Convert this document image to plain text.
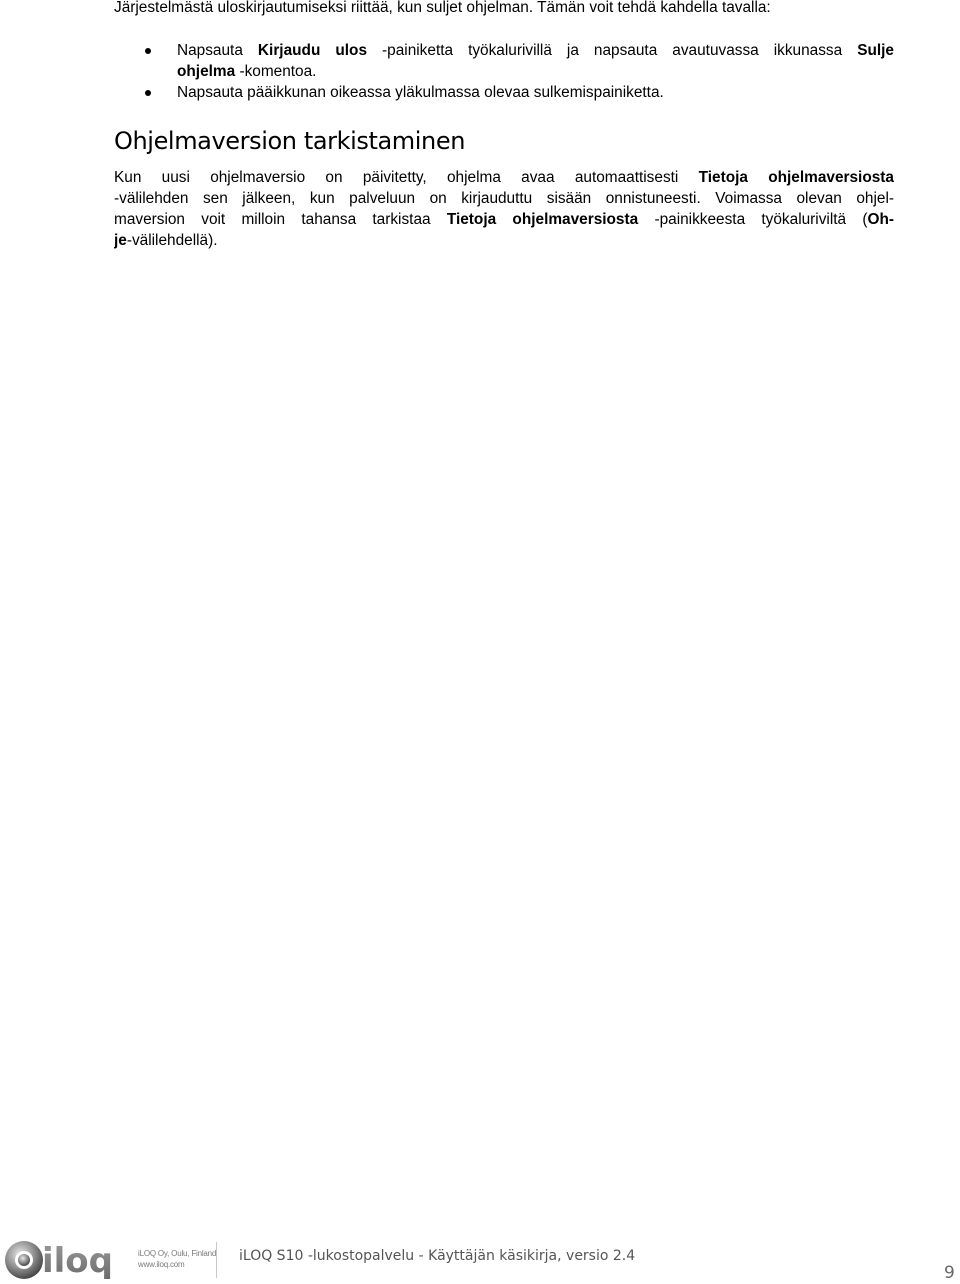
Järjestelmästä uloskirjautumiseksi riittää, kun suljet ohjelman. Tämän voit tehdä kahdella tavalla:

Napsauta Kirjaudu ulos -painiketta työkalurivillä ja napsauta avautuvassa ikkunassa Sulje
ohjelma -komentoa.
Napsauta pääikkunan oikeassa yläkulmassa olevaa sulkemispainiketta.
Ohjelmaversion tarkistaminen
Kun uusi ohjelmaversio on päivitetty, ohjelma avaa automaattisesti Tietoja ohjelmaversiosta
-välilehden sen jälkeen, kun palveluun on kirjauduttu sisään onnistuneesti. Voimassa olevan ohjel-
maversion voit milloin tahansa tarkistaa Tietoja ohjelmaversiosta -painikkeesta työkaluriviltä (Oh-
je-välilehdellä).
iloq	iLOQ Oy, Oulu, Finland
www.iloq.com
iLOQ S10 -lukostopalvelu - Käyttäjän käsikirja, versio 2.4
9
